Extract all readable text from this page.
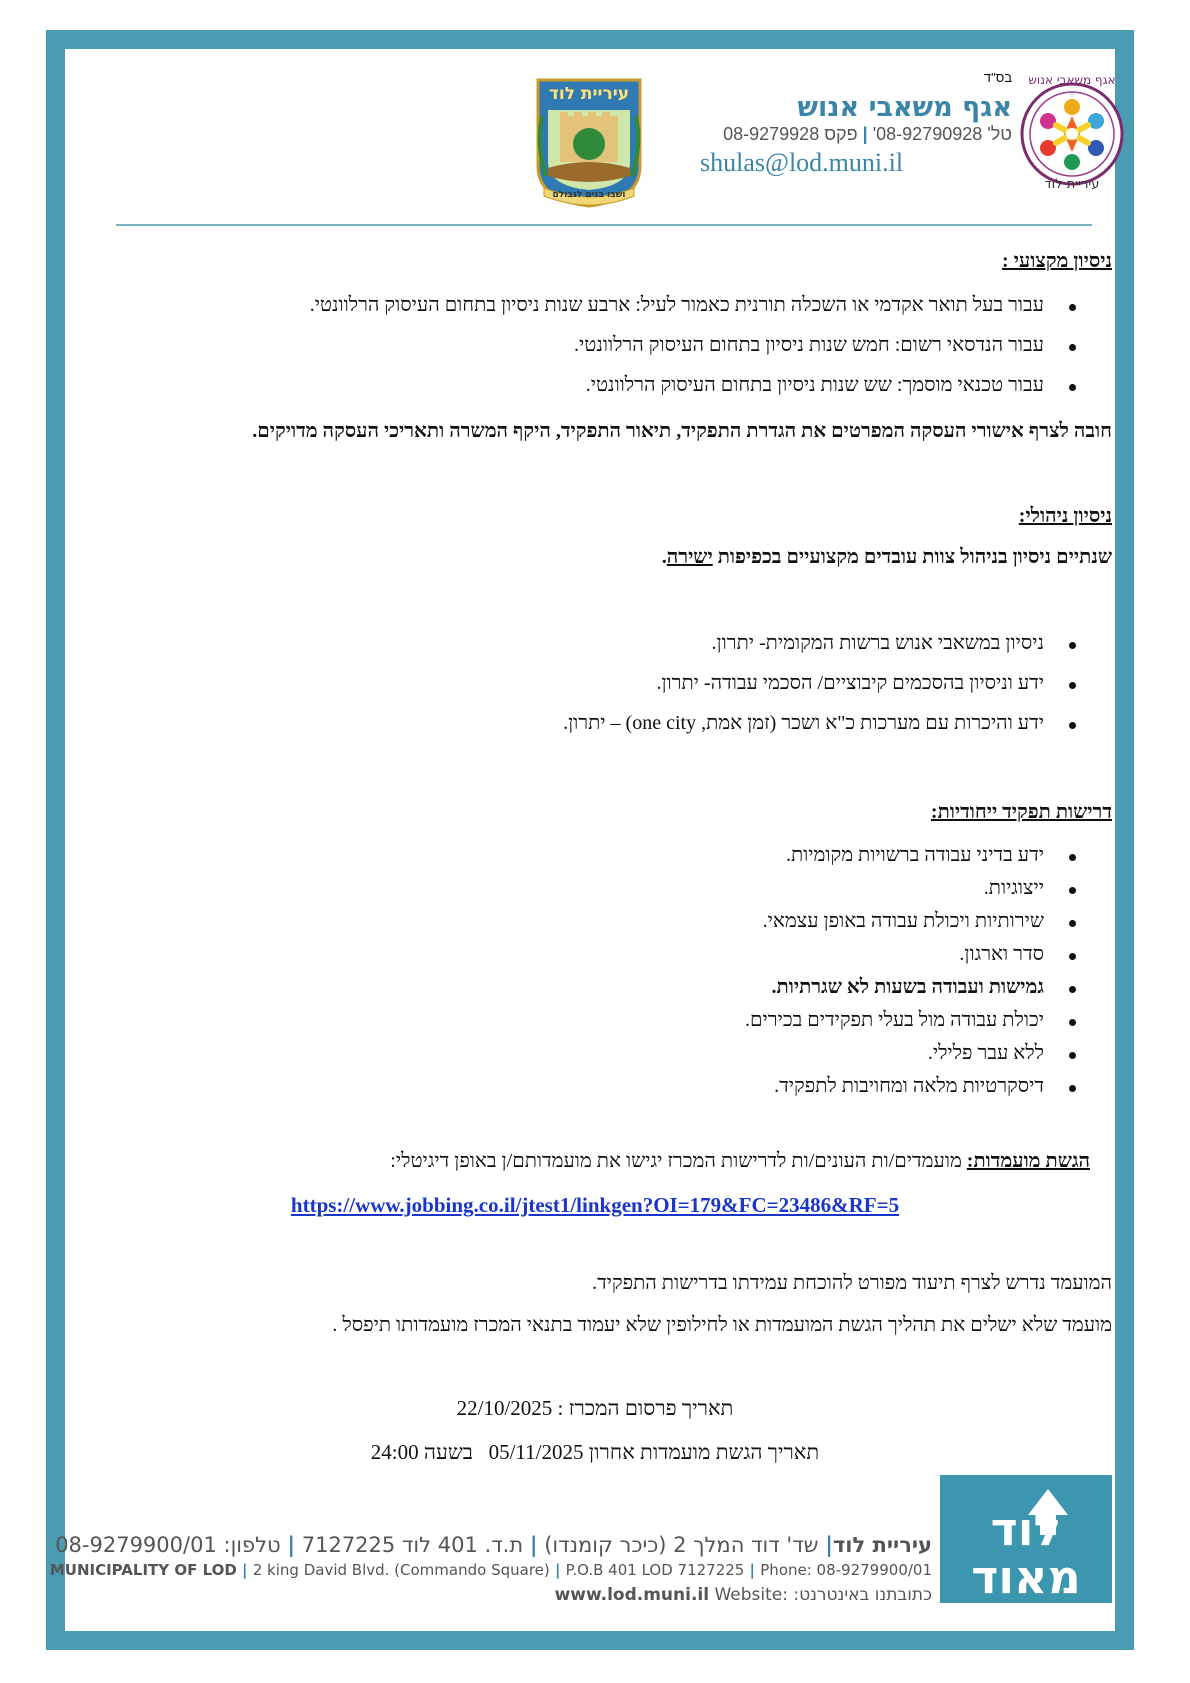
עיריית לוד
אגף משאבי אנוש
עיריית לוד
ושבו בנים לגבולם
בס"ד
אגף משאבי אנוש
טל' 08-92790928' | פקס 08-9279928
shulas@lod.muni.il
ניסיון מקצועי :
עבור בעל תואר אקדמי או השכלה תורנית כאמור לעיל: ארבע שנות ניסיון בתחום העיסוק הרלוונטי.
עבור הנדסאי רשום: חמש שנות ניסיון בתחום העיסוק הרלוונטי.
עבור טכנאי מוסמך: שש שנות ניסיון בתחום העיסוק הרלוונטי.
חובה לצרף אישורי העסקה המפרטים את הגדרת התפקיד, תיאור התפקיד, היקף המשרה ותאריכי העסקה מדויקים.
ניסיון ניהולי:
שנתיים ניסיון בניהול צוות עובדים מקצועיים בכפיפות ישירה.
ניסיון במשאבי אנוש ברשות המקומית- יתרון.
ידע וניסיון בהסכמים קיבוציים/ הסכמי עבודה- יתרון.
ידע והיכרות עם מערכות כ"א ושכר (זמן אמת, one city) – יתרון.
דרישות תפקיד ייחודיות:
ידע בדיני עבודה ברשויות מקומיות.
ייצוגיות.
שירותיות ויכולת עבודה באופן עצמאי.
סדר וארגון.
גמישות ועבודה בשעות לא שגרתיות.
יכולת עבודה מול בעלי תפקידים בכירים.
ללא עבר פלילי.
דיסקרטיות מלאה ומחויבות לתפקיד.
הגשת מועמדות: מועמדים/ות העונים/ות לדרישות המכרז יגישו את מועמדותם/ן באופן דיגיטלי:
https://www.jobbing.co.il/jtest1/linkgen?OI=179&FC=23486&RF=5
המועמד נדרש לצרף תיעוד מפורט להוכחת עמידתו בדרישות התפקיד.
מועמד שלא ישלים את תהליך הגשת המועמדות או לחילופין שלא יעמוד בתנאי המכרז מועמדותו תיפסל .
תאריך פרסום המכרז : 22/10/2025
תאריך הגשת מועמדות אחרון 05/11/2025   בשעה 24:00
עיריית לוד| שד' דוד המלך 2 (כיכר קומנדו) | ת.ד. 401 לוד 7127225 | טלפון: 08-9279900/01
MUNICIPALITY OF LOD | 2 king David Blvd. (Commando Square) | P.O.B 401 LOD 7127225 | Phone: 08-9279900/01
כתובתנו באינטרנט: www.lod.muni.il Website:
לוד
מאוד
